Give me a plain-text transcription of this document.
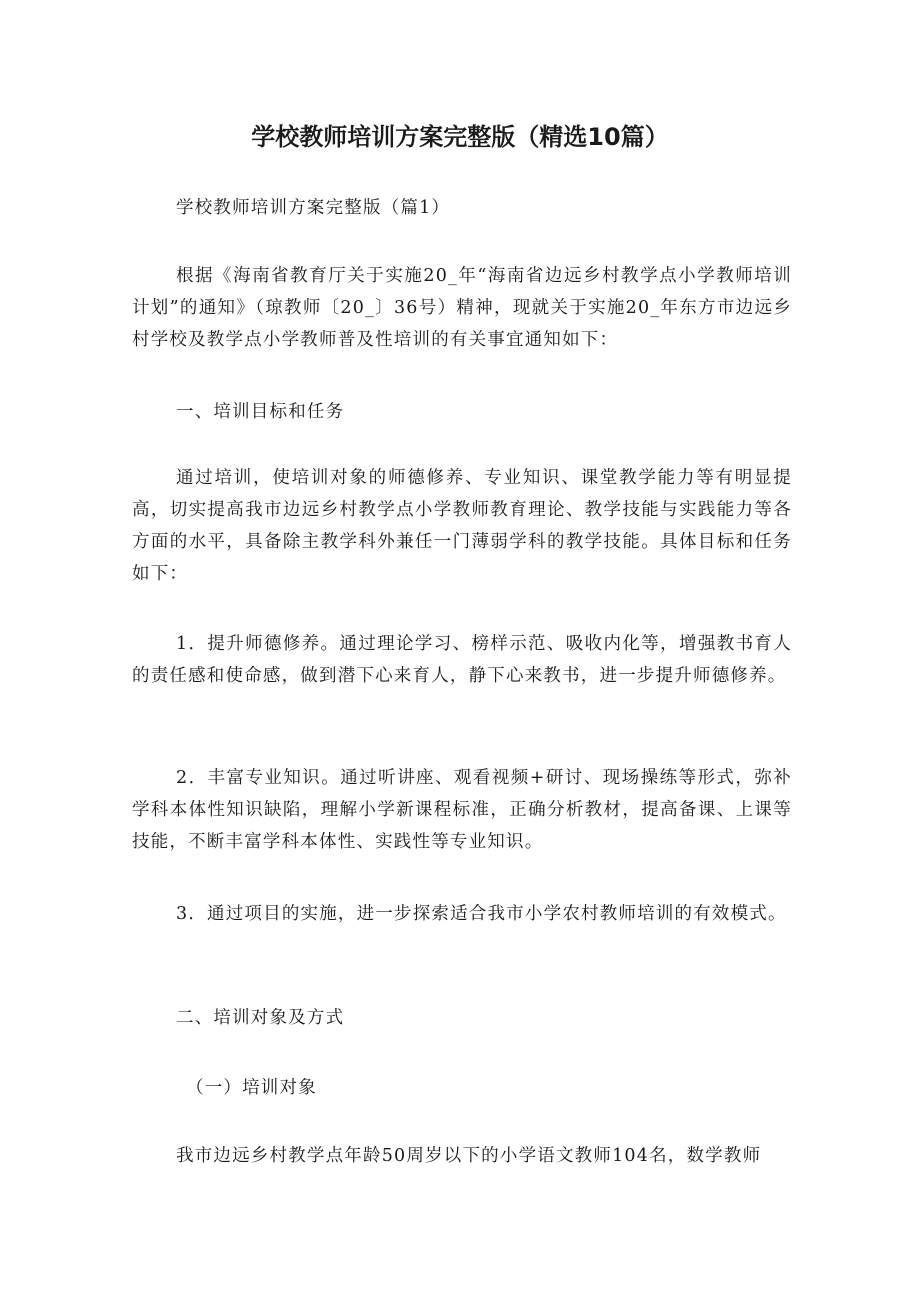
学校教师培训方案完整版（精选10篇）

学校教师培训方案完整版（篇1）

根据《海南省教育厅关于实施20_年“海南省边远乡村教学点小学教师培训计划”的通知》（琼教师〔20_〕36号）精神，现就关于实施20_年东方市边远乡村学校及教学点小学教师普及性培训的有关事宜通知如下：

一、培训目标和任务

通过培训，使培训对象的师德修养、专业知识、课堂教学能力等有明显提高，切实提高我市边远乡村教学点小学教师教育理论、教学技能与实践能力等各方面的水平，具备除主教学科外兼任一门薄弱学科的教学技能。具体目标和任务如下：

1．提升师德修养。通过理论学习、榜样示范、吸收内化等，增强教书育人的责任感和使命感，做到潜下心来育人，静下心来教书，进一步提升师德修养。

2．丰富专业知识。通过听讲座、观看视频+研讨、现场操练等形式，弥补学科本体性知识缺陷，理解小学新课程标准，正确分析教材，提高备课、上课等技能，不断丰富学科本体性、实践性等专业知识。

3．通过项目的实施，进一步探索适合我市小学农村教师培训的有效模式。

二、培训对象及方式

（一）培训对象

我市边远乡村教学点年龄50周岁以下的小学语文教师104名，数学教师
